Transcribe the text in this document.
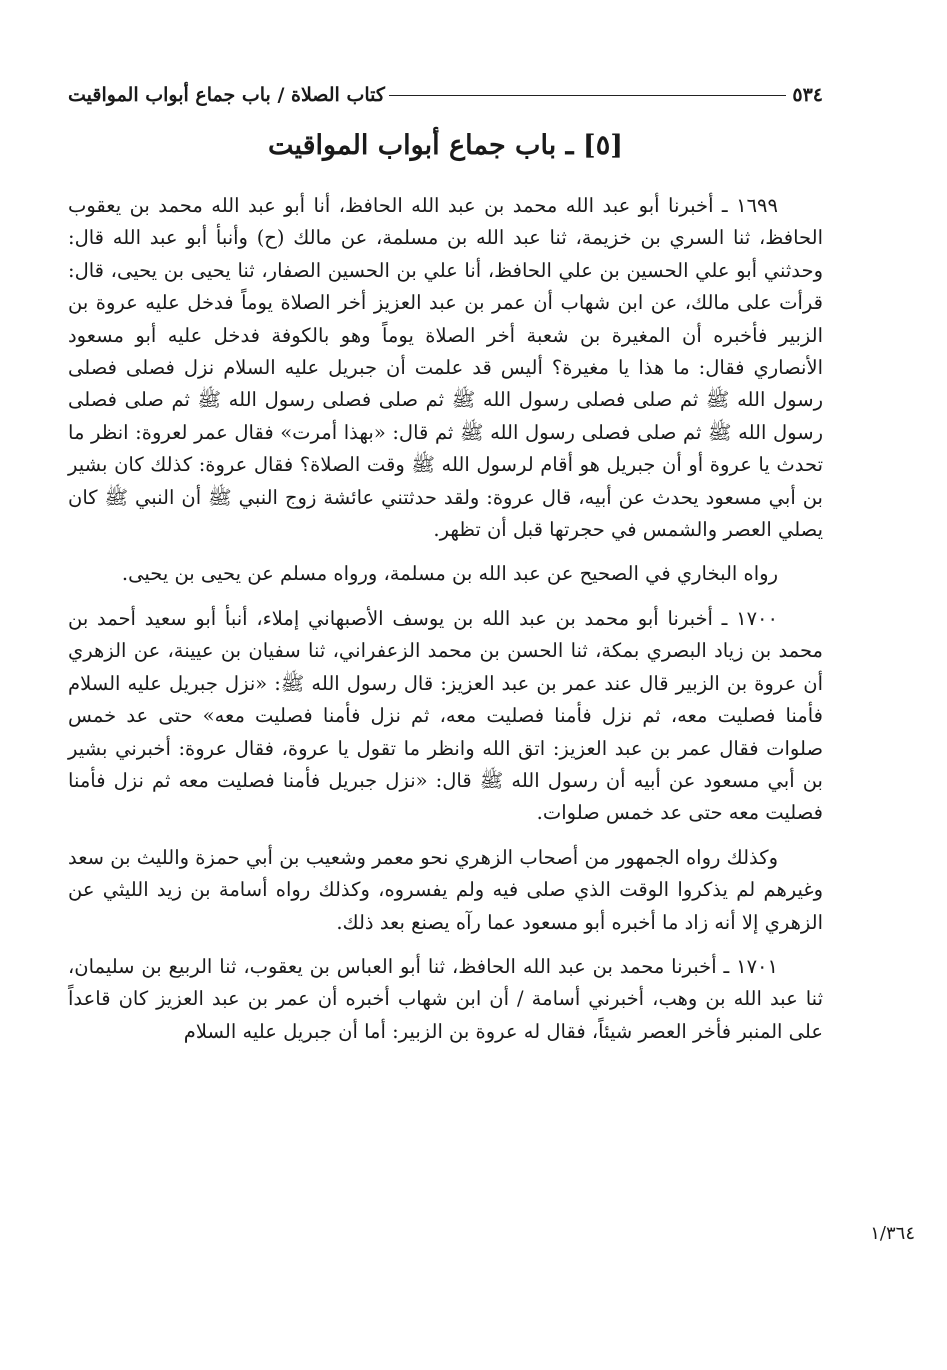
٥٣٤
كتاب الصلاة / باب جماع أبواب المواقيت
[٥] ـ باب جماع أبواب المواقيت

١٦٩٩ ـ أخبرنا أبو عبد الله محمد بن عبد الله الحافظ، أنا أبو عبد الله محمد بن يعقوب الحافظ، ثنا السري بن خزيمة، ثنا عبد الله بن مسلمة، عن مالك (ح) وأنبأ أبو عبد الله قال: وحدثني أبو علي الحسين بن علي الحافظ، أنا علي بن الحسين الصفار، ثنا يحيى بن يحيى، قال: قرأت على مالك، عن ابن شهاب أن عمر بن عبد العزيز أخر الصلاة يوماً فدخل عليه عروة بن الزبير فأخبره أن المغيرة بن شعبة أخر الصلاة يوماً وهو بالكوفة فدخل عليه أبو مسعود الأنصاري فقال: ما هذا يا مغيرة؟ أليس قد علمت أن جبريل عليه السلام نزل فصلى فصلى رسول الله ﷺ ثم صلى فصلى رسول الله ﷺ ثم صلى فصلى رسول الله ﷺ ثم صلى فصلى رسول الله ﷺ ثم صلى فصلى رسول الله ﷺ ثم قال: «بهذا أمرت» فقال عمر لعروة: انظر ما تحدث يا عروة أو أن جبريل هو أقام لرسول الله ﷺ وقت الصلاة؟ فقال عروة: كذلك كان بشير بن أبي مسعود يحدث عن أبيه، قال عروة: ولقد حدثتني عائشة زوج النبي ﷺ أن النبي ﷺ كان يصلي العصر والشمس في حجرتها قبل أن تظهر.

رواه البخاري في الصحيح عن عبد الله بن مسلمة، ورواه مسلم عن يحيى بن يحيى.

١٧٠٠ ـ أخبرنا أبو محمد بن عبد الله بن يوسف الأصبهاني إملاء، أنبأ أبو سعيد أحمد بن محمد بن زياد البصري بمكة، ثنا الحسن بن محمد الزعفراني، ثنا سفيان بن عيينة، عن الزهري أن عروة بن الزبير قال عند عمر بن عبد العزيز: قال رسول الله ﷺ: «نزل جبريل عليه السلام فأمنا فصليت معه، ثم نزل فأمنا فصليت معه، ثم نزل فأمنا فصليت معه» حتى عد خمس صلوات فقال عمر بن عبد العزيز: اتق الله وانظر ما تقول يا عروة، فقال عروة: أخبرني بشير بن أبي مسعود عن أبيه أن رسول الله ﷺ قال: «نزل جبريل فأمنا فصليت معه ثم نزل فأمنا فصليت معه حتى عد خمس صلوات.

وكذلك رواه الجمهور من أصحاب الزهري نحو معمر وشعيب بن أبي حمزة والليث بن سعد وغيرهم لم يذكروا الوقت الذي صلى فيه ولم يفسروه، وكذلك رواه أسامة بن زيد الليثي عن الزهري إلا أنه زاد ما أخبره أبو مسعود عما رآه يصنع بعد ذلك.

١٧٠١ ـ أخبرنا محمد بن عبد الله الحافظ، ثنا أبو العباس بن يعقوب، ثنا الربيع بن سليمان، ثنا عبد الله بن وهب، أخبرني أسامة / أن ابن شهاب أخبره أن عمر بن عبد العزيز كان قاعداً على المنبر فأخر العصر شيئاً، فقال له عروة بن الزبير: أما أن جبريل عليه السلام

١/٣٦٤
